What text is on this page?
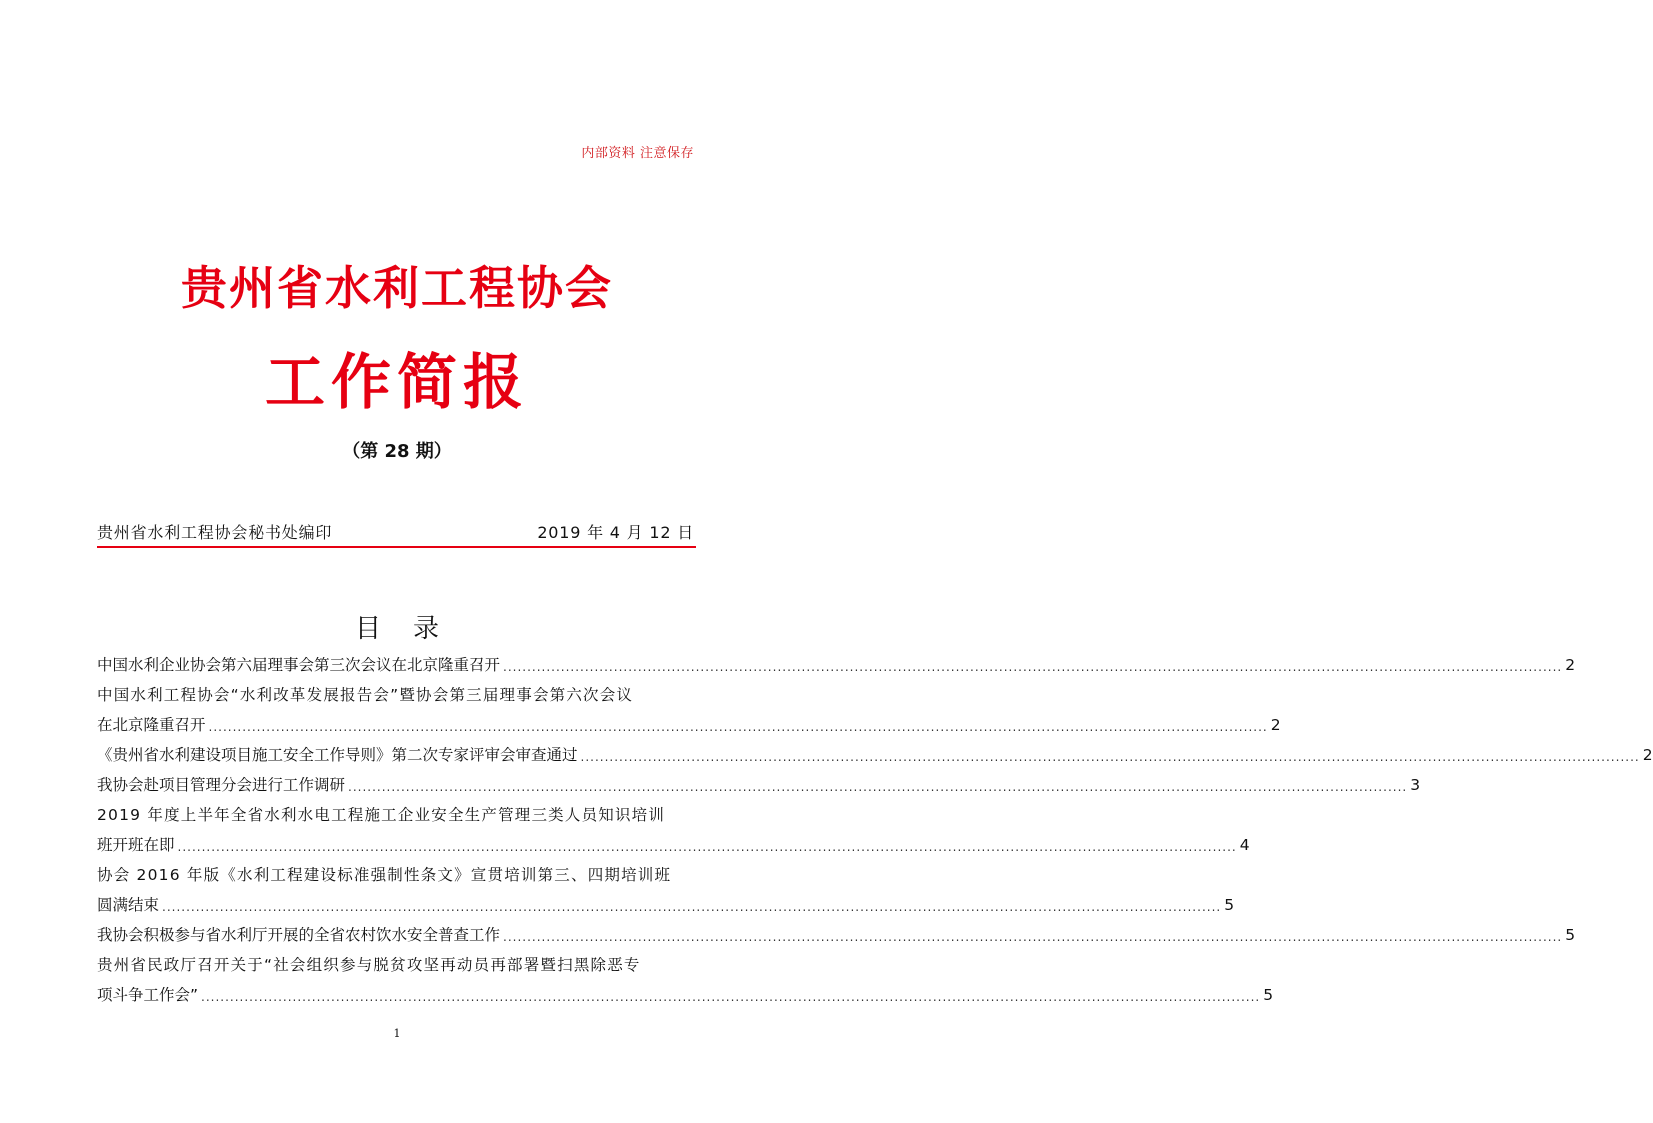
内部资料 注意保存
贵州省水利工程协会
工作简报
（第 28 期）
贵州省水利工程协会秘书处编印	2019 年 4 月 12 日
目录
中国水利企业协会第六届理事会第三次会议在北京隆重召开 ............................................................................................................................................................................................................................ 2
中国水利工程协会“水利改革发展报告会”暨协会第三届理事会第六次会议
在北京隆重召开 ............................................................................................................................................................................................................................ 2
《贵州省水利建设项目施工安全工作导则》第二次专家评审会审查通过 ............................................................................................................................................................................................................................ 2
我协会赴项目管理分会进行工作调研 ............................................................................................................................................................................................................................ 3
2019 年度上半年全省水利水电工程施工企业安全生产管理三类人员知识培训
班开班在即 ............................................................................................................................................................................................................................ 4
协会 2016 年版《水利工程建设标准强制性条文》宣贯培训第三、四期培训班
圆满结束 ............................................................................................................................................................................................................................ 5
我协会积极参与省水利厅开展的全省农村饮水安全普查工作 ............................................................................................................................................................................................................................ 5
贵州省民政厅召开关于“社会组织参与脱贫攻坚再动员再部署暨扫黑除恶专
项斗争工作会” ............................................................................................................................................................................................................................ 5
1
